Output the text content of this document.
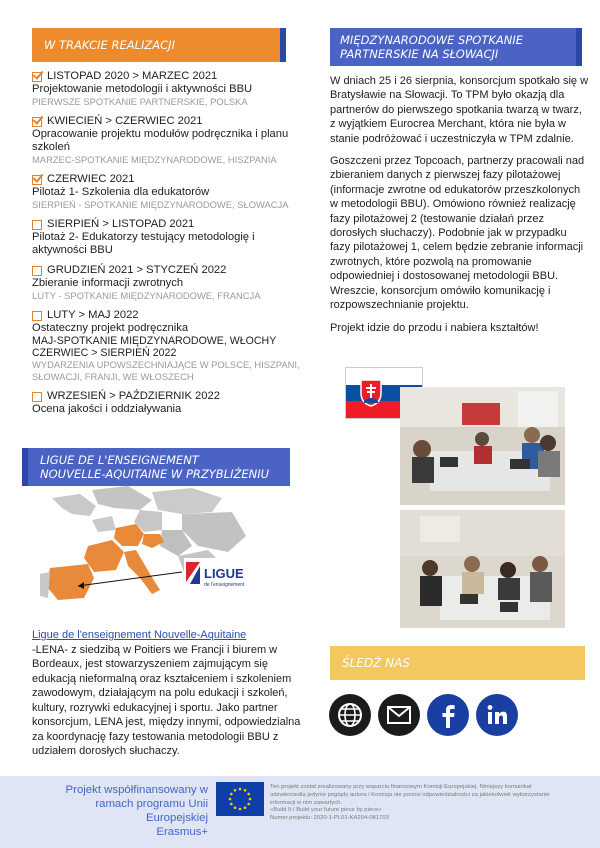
W TRAKCIE REALIZACJI
LISTOPAD 2020 > MARZEC 2021
Projektowanie metodologii i aktywności BBU
PIERWSZE SPOTKANIE PARTNERSKIE, POLSKA
KWIECIEŃ > CZERWIEC 2021
Opracowanie projektu modułów podręcznika i planu szkoleń
MARZEC-SPOTKANIE MIĘDZYNARODOWE, HISZPANIA
CZERWIEC 2021
Pilotaż 1- Szkolenia dla edukatorów
SIERPIEŃ - SPOTKANIE MIĘDZYNARODOWE, SŁOWACJA
SIERPIEŃ > LISTOPAD 2021
Pilotaż 2- Edukatorzy testujący metodologię i aktywności BBU
GRUDZIEŃ 2021 > STYCZEŃ 2022
Zbieranie informacji zwrotnych
LUTY - SPOTKANIE MIĘDZYNARODOWE, FRANCJA
LUTY > MAJ 2022
Ostateczny projekt podręcznika
MAJ-SPOTKANIE MIĘDZYNARODOWE, WŁOCHY
CZERWIEC > SIERPIEŃ 2022
WYDARZENIA UPOWSZECHNIAJĄCE W POLSCE, HISZPANI, SŁOWACJI, FRANJI, WE WŁOSZECH
WRZESIEŃ > PAŹDZIERNIK 2022
Ocena jakości i oddziaływania
LIGUE DE L'ENSEIGNEMENT
NOUVELLE-AQUITAINE W PRZYBLIŻENIU
LIGUE
de l'enseignement
Ligue de l'enseignement Nouvelle-Aquitaine
-LENA- z siedzibą w Poitiers we Francji i biurem w Bordeaux, jest stowarzyszeniem zajmującym się edukacją nieformalną oraz kształceniem i szkoleniem zawodowym, działającym na polu edukacji i szkoleń, kultury, rozrywki edukacyjnej i sportu. Jako partner konsorcjum, LENA jest, między innymi, odpowiedzialna za koordynację fazy testowania metodologii BBU z udziałem dorosłych słuchaczy.
MIĘDZYNARODOWE SPOTKANIE
PARTNERSKIE NA SŁOWACJI

W dniach 25 i 26 sierpnia, konsorcjum spotkało się w Bratysławie na Słowacji. To TPM było okazją dla partnerów do pierwszego spotkania twarzą w twarz, z wyjątkiem Eurocrea Merchant, która nie była w stanie podróżować i uczestniczyła w TPM zdalnie.

Goszczeni przez Topcoach, partnerzy pracowali nad zbieraniem danych z pierwszej fazy pilotażowej (informacje zwrotne od edukatorów przeszkolonych w metodologii BBU). Omówiono również realizację fazy pilotażowej 2 (testowanie działań przez dorosłych słuchaczy). Podobnie jak w przypadku fazy pilotażowej 1, celem będzie zebranie informacji zwrotnych, które pozwolą na promowanie odpowiedniej i dostosowanej metodologii BBU. Wreszcie, konsorcjum omówiło komunikację i rozpowszechnianie projektu.

Projekt idzie do przodu i nabiera kształtów!

ŚLEDŹ NAS
Projekt współfinansowany w
ramach programu Unii Europejskiej
Erasmus+
Ten projekt został zrealizowany przy wsparciu finansowym Komisji Europejskiej. Niniejszy komunikat
odzwierciedla jedynie poglądy autora i Komisja nie ponosi odpowiedzialności za jakiekolwiek wykorzystanie
informacji w nim zawartych.
«Build It / Build your future piece by piece»
Numer projektu: 2020-1-PL01-KA204-081703
